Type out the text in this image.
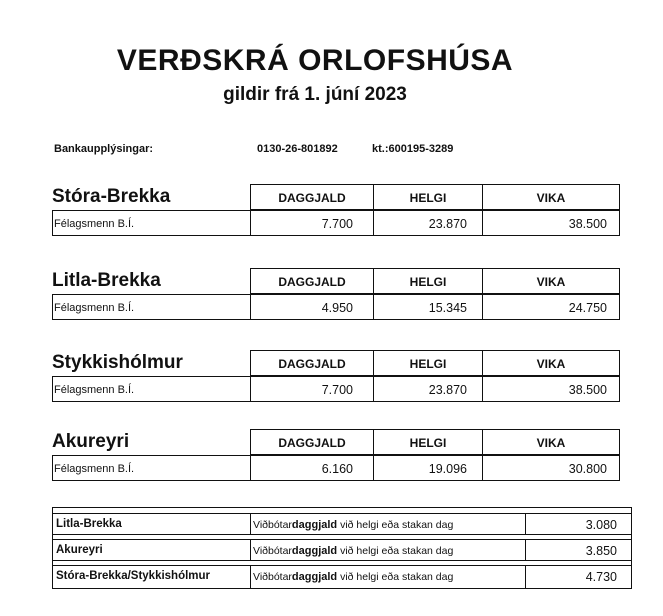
VERÐSKRÁ ORLOFSHÚSA
gildir frá 1. júní 2023
Bankaupplýsingar:	0130-26-801892	kt.:600195-3289
Stóra-Brekka	DAGGJALD	HELGI	VIKA
Félagsmenn B.Í.	7.700	23.870	38.500
Litla-Brekka	DAGGJALD	HELGI	VIKA
Félagsmenn B.Í.	4.950	15.345	24.750
Stykkishólmur	DAGGJALD	HELGI	VIKA
Félagsmenn B.Í.	7.700	23.870	38.500
Akureyri	DAGGJALD	HELGI	VIKA
Félagsmenn B.Í.	6.160	19.096	30.800
Litla-Brekka	Viðbótardaggjald við helgi eða stakan dag	3.080
Akureyri	Viðbótardaggjald við helgi eða stakan dag	3.850
Stóra-Brekka/Stykkishólmur	Viðbótardaggjald við helgi eða stakan dag	4.730
